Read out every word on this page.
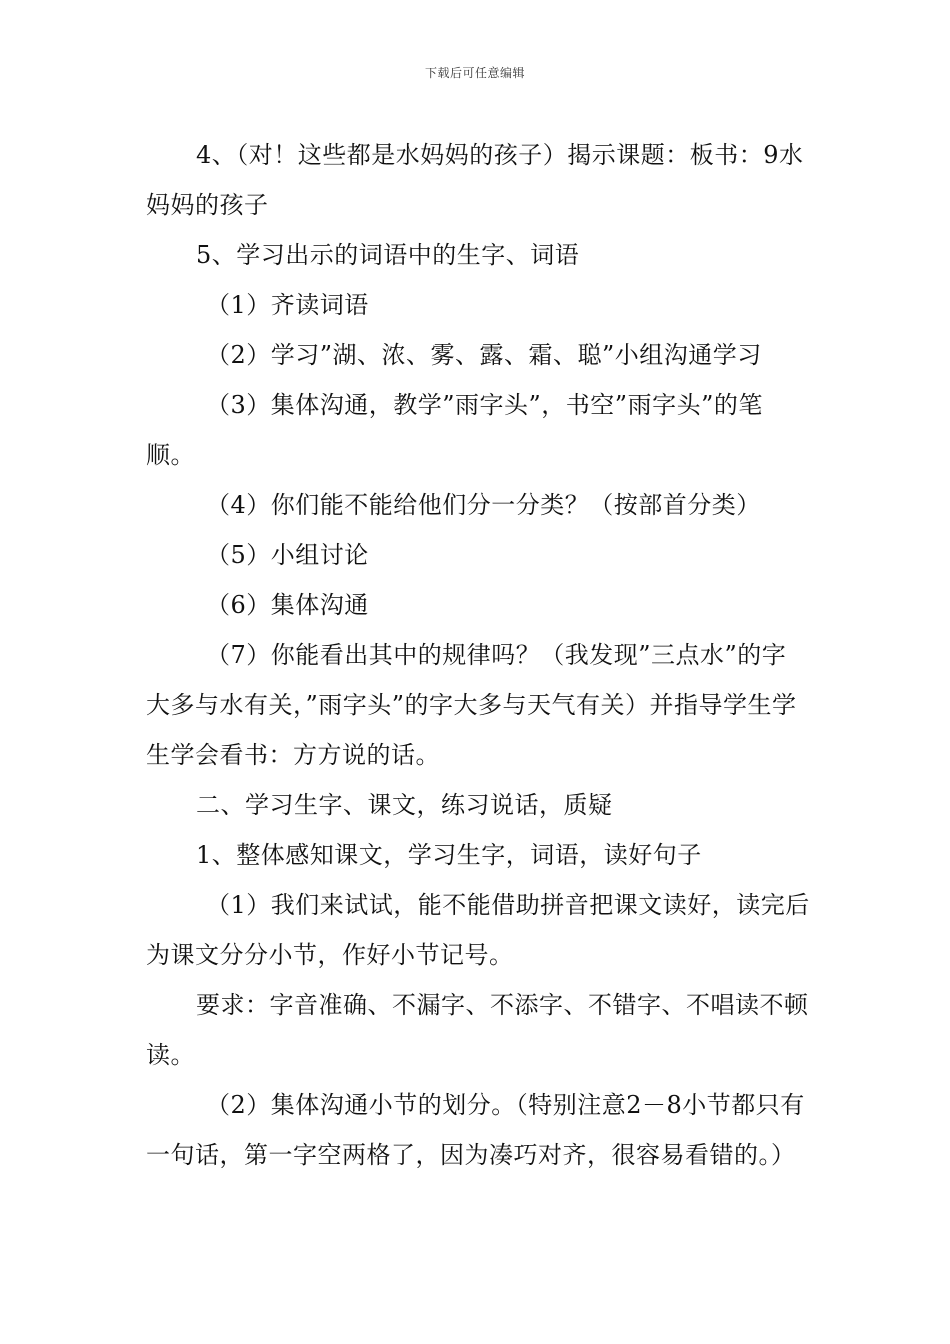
下载后可任意编辑

4、（对！这些都是水妈妈的孩子）揭示课题：板书：9水妈妈的孩子

5、学习出示的词语中的生字、词语

（1）齐读词语

（2）学习”湖、浓、雾、露、霜、聪”小组沟通学习

（3）集体沟通，教学”雨字头”，书空”雨字头”的笔顺。

（4）你们能不能给他们分一分类？（按部首分类）

（5）小组讨论

（6）集体沟通

（7）你能看出其中的规律吗？（我发现”三点水”的字大多与水有关，”雨字头”的字大多与天气有关）并指导学生学生学会看书：方方说的话。

二、学习生字、课文，练习说话，质疑

1、整体感知课文，学习生字，词语，读好句子

（1）我们来试试，能不能借助拼音把课文读好，读完后为课文分分小节，作好小节记号。

要求：字音准确、不漏字、不添字、不错字、不唱读不顿读。

（2）集体沟通小节的划分。（特别注意2－8小节都只有一句话，第一字空两格了，因为凑巧对齐，很容易看错的。）
